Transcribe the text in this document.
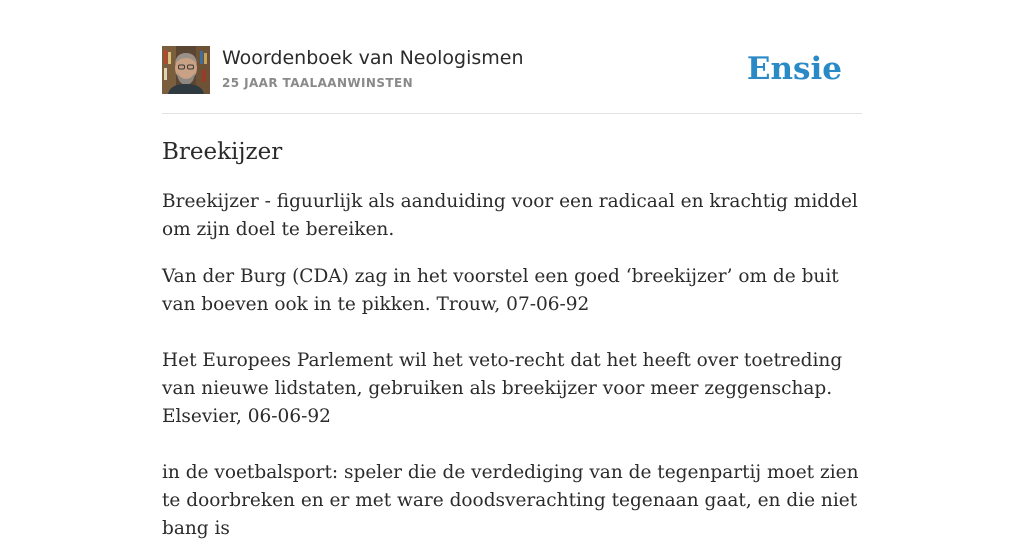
Woordenboek van Neologismen
25 JAAR TAALAANWINSTEN	Ensie
Breekijzer

Breekijzer - figuurlijk als aanduiding voor een radicaal en krachtig middel om zijn doel te bereiken.

Van der Burg (CDA) zag in het voorstel een goed ‘breekijzer’ om de buit van boeven ook in te pikken. Trouw, 07-06-92

Het Europees Parlement wil het veto-recht dat het heeft over toetreding van nieuwe lidstaten, gebruiken als breekijzer voor meer zeggenschap. Elsevier, 06-06-92

in de voetbalsport: speler die de verdediging van de tegenpartij moet zien te doorbreken en er met ware doodsverachting tegenaan gaat, en die niet bang is
